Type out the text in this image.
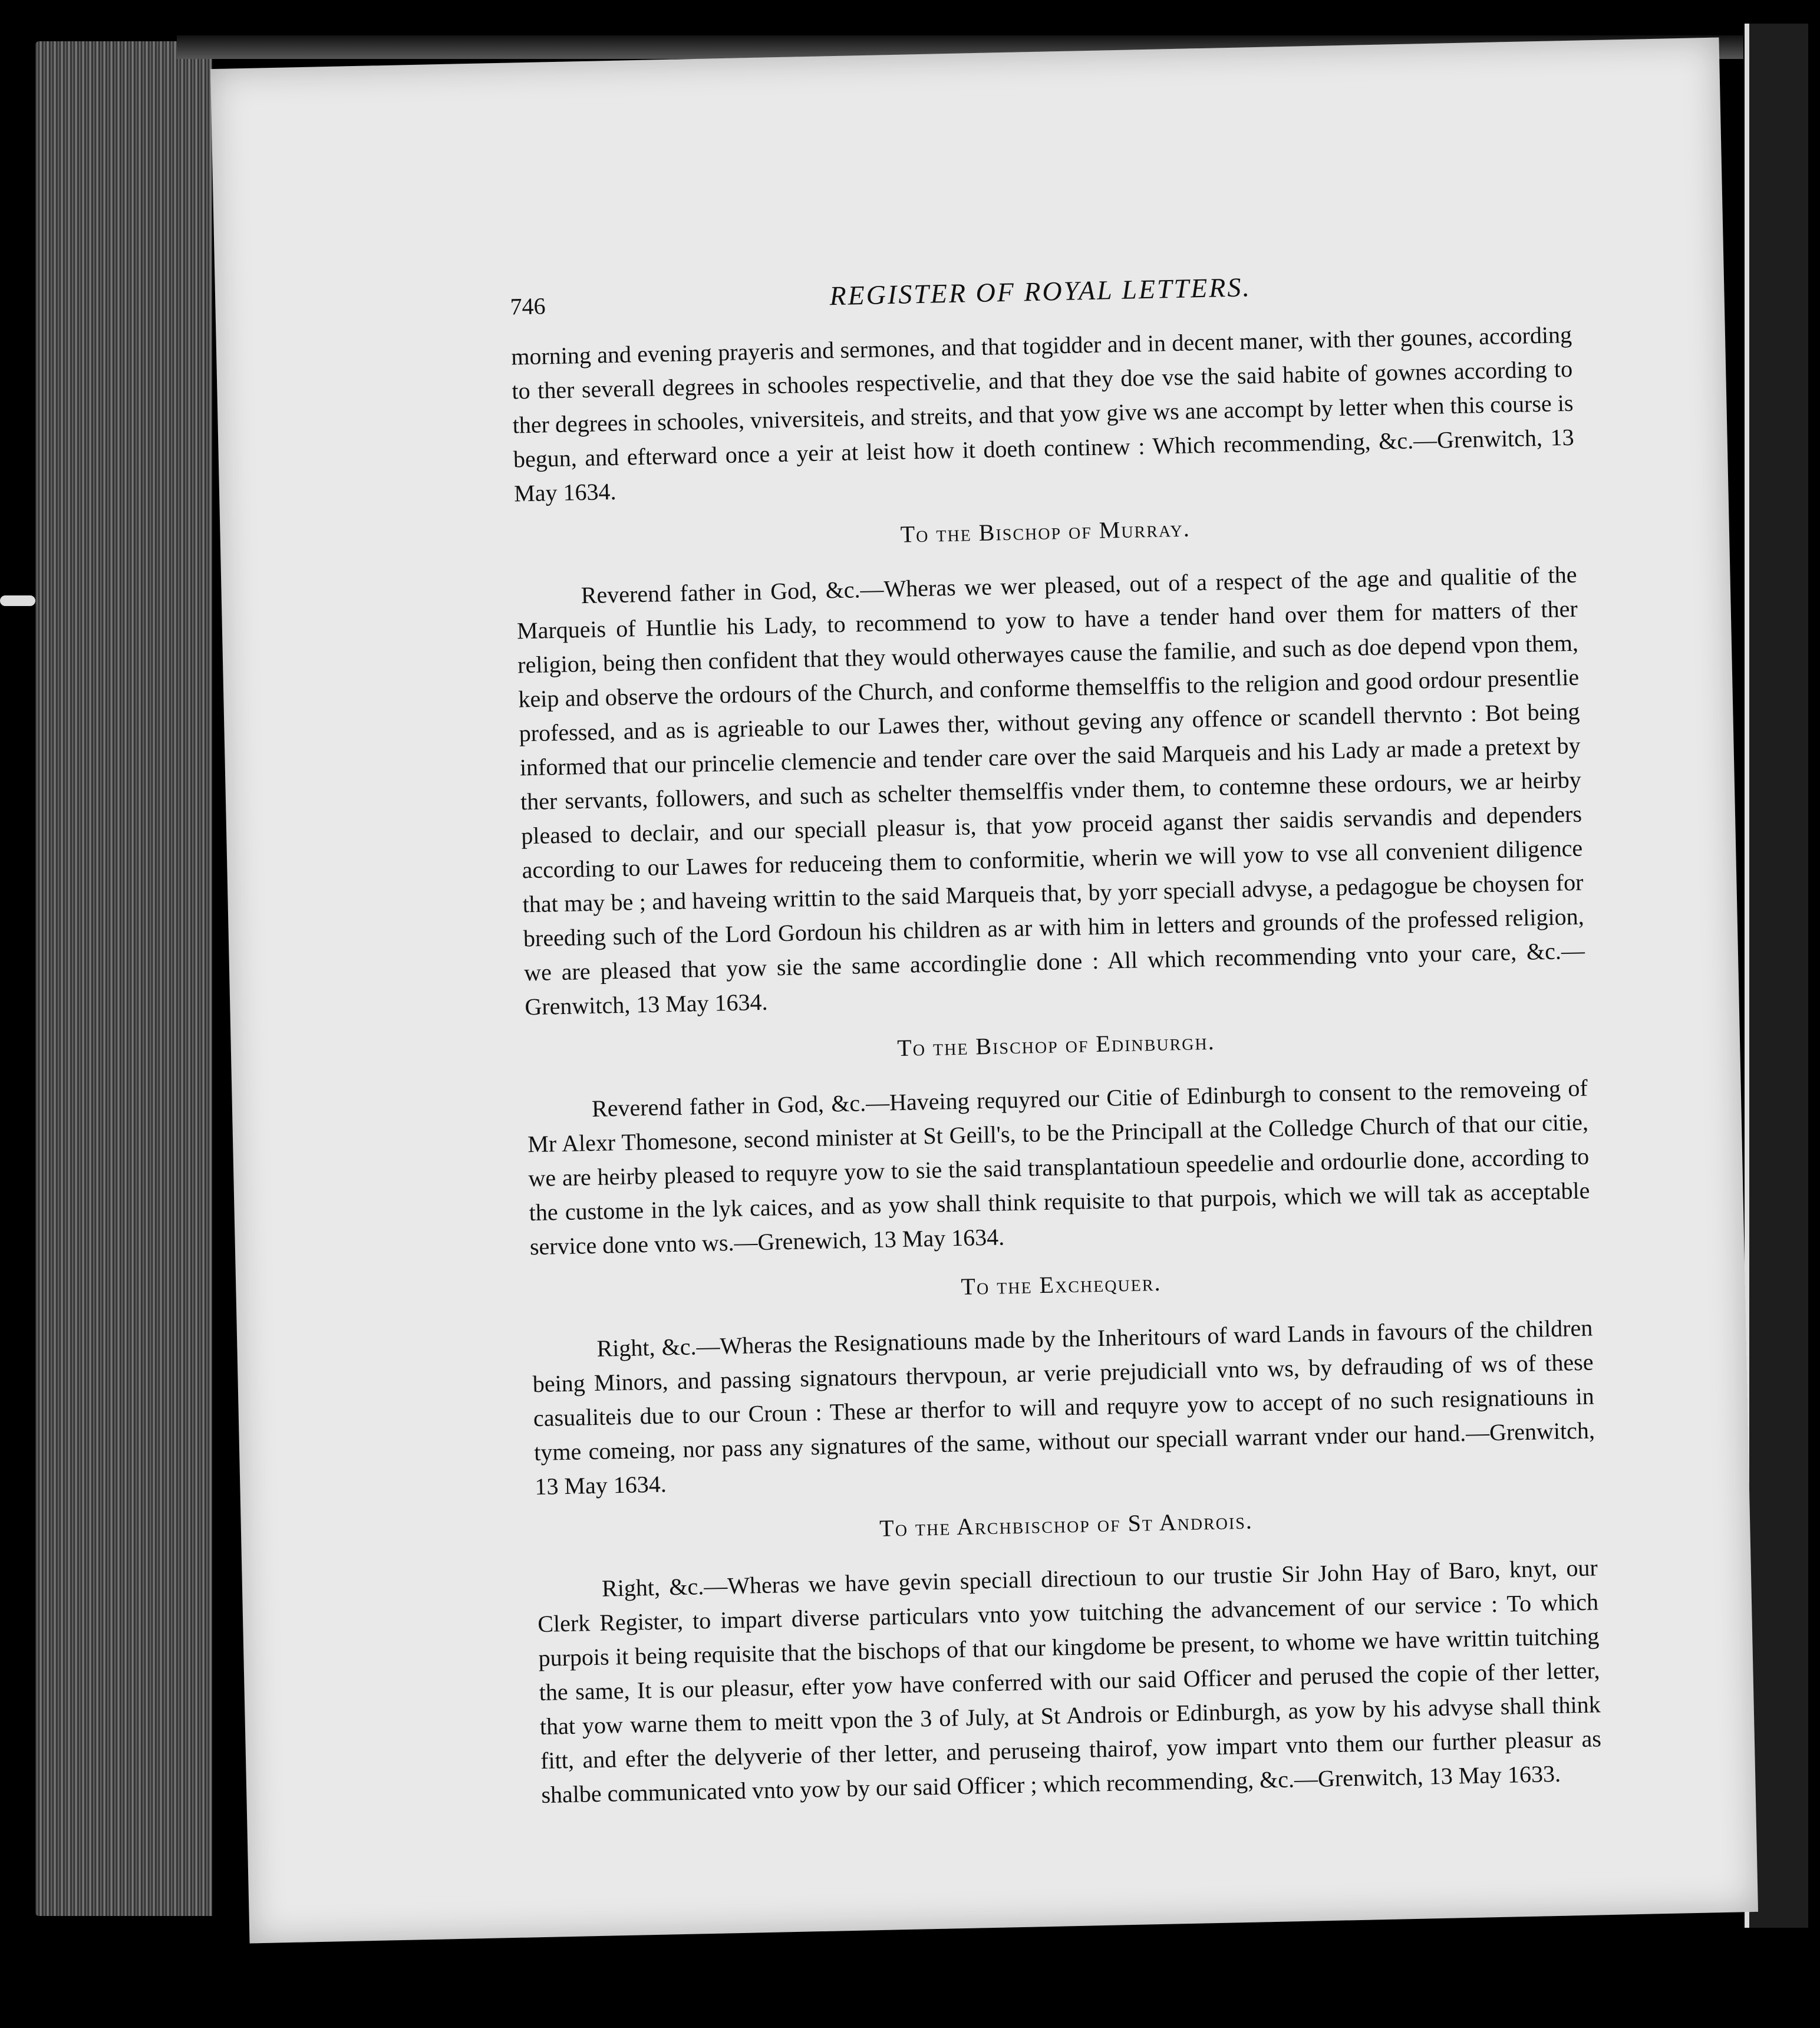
746	REGISTER OF ROYAL LETTERS.

morning and evening prayeris and sermones, and that togidder and in decent maner, with ther gounes, according to ther severall degrees in schooles respectivelie, and that they doe vse the said habite of gownes according to ther degrees in schooles, vniversiteis, and streits, and that yow give ws ane accompt by letter when this course is begun, and efterward once a yeir at leist how it doeth continew : Which recommending, &c.—Grenwitch, 13 May 1634.

To the Bischop of Murray.

Reverend father in God, &c.—Wheras we wer pleased, out of a respect of the age and qualitie of the Marqueis of Huntlie his Lady, to recommend to yow to have a tender hand over them for matters of ther religion, being then confident that they would otherwayes cause the familie, and such as doe depend vpon them, keip and observe the ordours of the Church, and conforme themselffis to the religion and good ordour presentlie professed, and as is agrieable to our Lawes ther, without geving any offence or scandell thervnto : Bot being informed that our princelie clemencie and tender care over the said Marqueis and his Lady ar made a pretext by ther servants, followers, and such as schelter themselffis vnder them, to contemne these ordours, we ar heirby pleased to declair, and our speciall pleasur is, that yow proceid aganst ther saidis servandis and dependers according to our Lawes for reduceing them to conformitie, wherin we will yow to vse all convenient diligence that may be ; and haveing writtin to the said Marqueis that, by yorr speciall advyse, a pedagogue be choysen for breeding such of the Lord Gordoun his children as ar with him in letters and grounds of the professed religion, we are pleased that yow sie the same accordinglie done : All which recommending vnto your care, &c.—Grenwitch, 13 May 1634.

To the Bischop of Edinburgh.

Reverend father in God, &c.—Haveing requyred our Citie of Edinburgh to consent to the removeing of Mr Alexr Thomesone, second minister at St Geill's, to be the Principall at the Colledge Church of that our citie, we are heirby pleased to requyre yow to sie the said transplantatioun speedelie and ordourlie done, according to the custome in the lyk caices, and as yow shall think requisite to that purpois, which we will tak as acceptable service done vnto ws.—Grenewich, 13 May 1634.

To the Exchequer.

Right, &c.—Wheras the Resignatiouns made by the Inheritours of ward Lands in favours of the children being Minors, and passing signatours thervpoun, ar verie prejudiciall vnto ws, by defrauding of ws of these casualiteis due to our Croun : These ar therfor to will and requyre yow to accept of no such resignatiouns in tyme comeing, nor pass any signatures of the same, without our speciall warrant vnder our hand.—Grenwitch, 13 May 1634.

To the Archbischop of St Androis.

Right, &c.—Wheras we have gevin speciall directioun to our trustie Sir John Hay of Baro, knyt, our Clerk Register, to impart diverse particulars vnto yow tuitching the advancement of our service : To which purpois it being requisite that the bischops of that our kingdome be present, to whome we have writtin tuitching the same, It is our pleasur, efter yow have conferred with our said Officer and perused the copie of ther letter, that yow warne them to meitt vpon the 3 of July, at St Androis or Edinburgh, as yow by his advyse shall think fitt, and efter the delyverie of ther letter, and peruseing thairof, yow impart vnto them our further pleasur as shalbe communicated vnto yow by our said Officer ; which recommending, &c.—Grenwitch, 13 May 1633.
